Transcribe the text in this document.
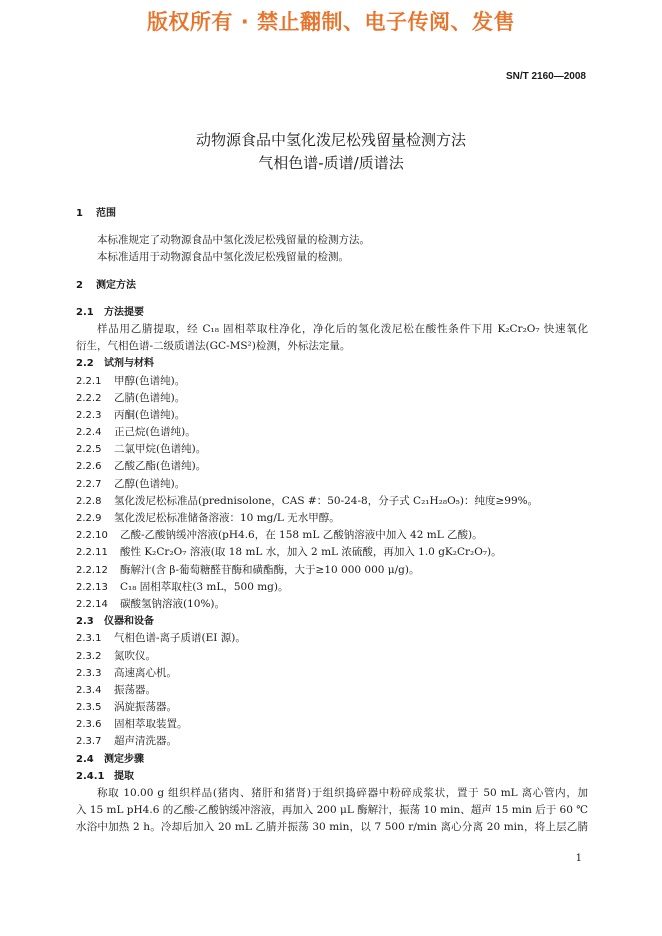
版权所有 · 禁止翻制、电子传阅、发售
SN/T 2160—2008
动物源食品中氢化泼尼松残留量检测方法
气相色谱-质谱/质谱法
1 范围
本标准规定了动物源食品中氢化泼尼松残留量的检测方法。
本标准适用于动物源食品中氢化泼尼松残留量的检测。
2 测定方法
2.1 方法提要
样品用乙腈提取，经 C₁₈ 固相萃取柱净化，净化后的氢化泼尼松在酸性条件下用 K₂Cr₂O₇ 快速氧化
衍生，气相色谱-二级质谱法(GC-MS²)检测，外标法定量。
2.2 试剂与材料
2.2.1 甲醇(色谱纯)。
2.2.2 乙腈(色谱纯)。
2.2.3 丙酮(色谱纯)。
2.2.4 正己烷(色谱纯)。
2.2.5 二氯甲烷(色谱纯)。
2.2.6 乙酸乙酯(色谱纯)。
2.2.7 乙醇(色谱纯)。
2.2.8 氢化泼尼松标准品(prednisolone，CAS #：50-24-8，分子式 C₂₁H₂₈O₅)：纯度≥99%。
2.2.9 氢化泼尼松标准储备溶液：10 mg/L 无水甲醇。
2.2.10 乙酸-乙酸钠缓冲溶液(pH4.6，在 158 mL 乙酸钠溶液中加入 42 mL 乙酸)。
2.2.11 酸性 K₂Cr₂O₇ 溶液(取 18 mL 水，加入 2 mL 浓硫酸，再加入 1.0 gK₂Cr₂O₇)。
2.2.12 酶解汁(含 β-葡萄糖醛苷酶和磺酯酶，大于≥10 000 000 μ/g)。
2.2.13 C₁₈ 固相萃取柱(3 mL，500 mg)。
2.2.14 碳酸氢钠溶液(10%)。
2.3 仪器和设备
2.3.1 气相色谱-离子质谱(EI 源)。
2.3.2 氮吹仪。
2.3.3 高速离心机。
2.3.4 振荡器。
2.3.5 涡旋振荡器。
2.3.6 固相萃取装置。
2.3.7 超声清洗器。
2.4 测定步骤
2.4.1 提取
称取 10.00 g 组织样品(猪肉、猪肝和猪肾)于组织捣碎器中粉碎成浆状，置于 50 mL 离心管内，加
入 15 mL pH4.6 的乙酸-乙酸钠缓冲溶液，再加入 200 μL 酶解汁，振荡 10 min、超声 15 min 后于 60 ℃
水浴中加热 2 h。冷却后加入 20 mL 乙腈并振荡 30 min，以 7 500 r/min 离心分离 20 min，将上层乙腈
1
